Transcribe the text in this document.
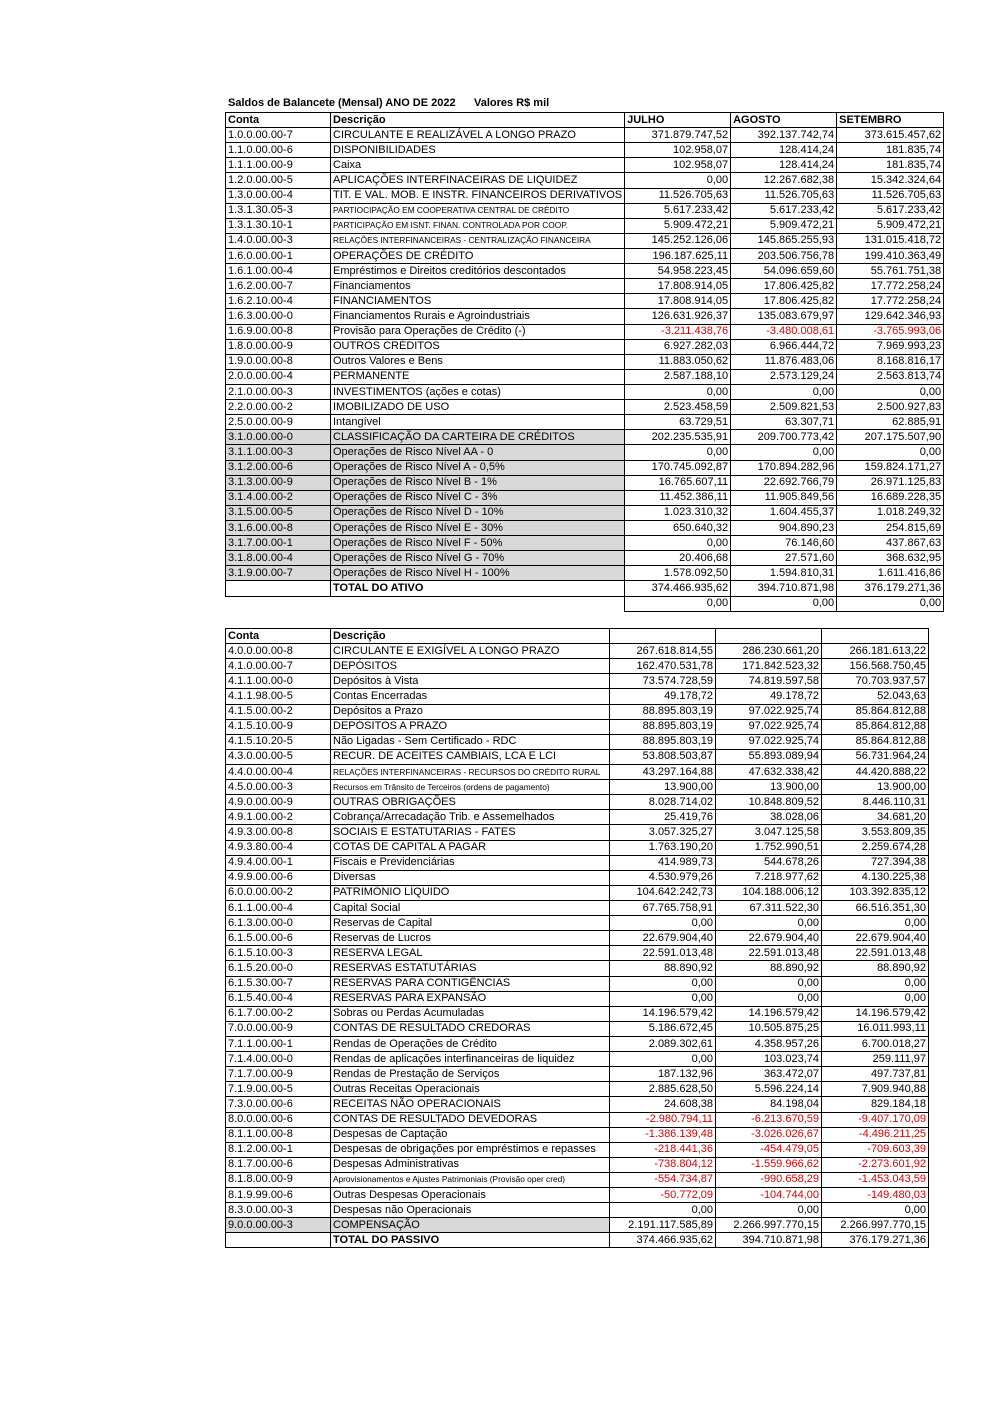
Saldos de Balancete (Mensal) ANO DE 2022 Valores R$ mil
Conta	Descrição	JULHO	AGOSTO	SETEMBRO
1.0.0.00.00-7	CIRCULANTE E REALIZÁVEL A LONGO PRAZO	371.879.747,52	392.137.742,74	373.615.457,62
1.1.0.00.00-6	DISPONIBILIDADES	102.958,07	128.414,24	181.835,74
1.1.1.00.00-9	Caixa	102.958,07	128.414,24	181.835,74
1.2.0.00.00-5	APLICAÇÕES INTERFINACEIRAS DE LIQUIDEZ	0,00	12.267.682,38	15.342.324,64
1.3.0.00.00-4	TIT. E VAL. MOB. E INSTR. FINANCEIROS DERIVATIVOS	11.526.705,63	11.526.705,63	11.526.705,63
1.3.1.30.05-3	PARTIOCIPAÇÃO EM COOPERATIVA CENTRAL DE CRÉDITO	5.617.233,42	5.617.233,42	5.617.233,42
1.3.1.30.10-1	PARTICIPAÇÃO EM ISNT. FINAN. CONTROLADA POR COOP.	5.909.472,21	5.909.472,21	5.909.472,21
1.4.0.00.00-3	RELAÇÕES INTERFINANCEIRAS - CENTRALIZAÇÃO FINANCEIRA	145.252.126,06	145.865.255,93	131.015.418,72
1.6.0.00.00-1	OPERAÇÕES DE CRÉDITO	196.187.625,11	203.506.756,78	199.410.363,49
1.6.1.00.00-4	Empréstimos e Direitos creditórios descontados	54.958.223,45	54.096.659,60	55.761.751,38
1.6.2.00.00-7	Financiamentos	17.808.914,05	17.806.425,82	17.772.258,24
1.6.2.10.00-4	FINANCIAMENTOS	17.808.914,05	17.806.425,82	17.772.258,24
1.6.3.00.00-0	Financiamentos Rurais e Agroindustriais	126.631.926,37	135.083.679,97	129.642.346,93
1.6.9.00.00-8	Provisão para Operações de Crédito (-)	-3.211.438,76	-3.480.008,61	-3.765.993,06
1.8.0.00.00-9	OUTROS CRÉDITOS	6.927.282,03	6.966.444,72	7.969.993,23
1.9.0.00.00-8	Outros Valores e Bens	11.883.050,62	11.876.483,06	8.168.816,17
2.0.0.00.00-4	PERMANENTE	2.587.188,10	2.573.129,24	2.563.813,74
2.1.0.00.00-3	INVESTIMENTOS (ações e cotas)	0,00	0,00	0,00
2.2.0.00.00-2	IMOBILIZADO DE USO	2.523.458,59	2.509.821,53	2.500.927,83
2.5.0.00.00-9	Intangível	63.729,51	63.307,71	62.885,91
3.1.0.00.00-0	CLASSIFICAÇÃO DA CARTEIRA DE CRÉDITOS	202.235.535,91	209.700.773,42	207.175.507,90
3.1.1.00.00-3	Operações de Risco Nível AA - 0	0,00	0,00	0,00
3.1.2.00.00-6	Operações de Risco Nível A - 0,5%	170.745.092,87	170.894.282,96	159.824.171,27
3.1.3.00.00-9	Operações de Risco Nível B - 1%	16.765.607,11	22.692.766,79	26.971.125,83
3.1.4.00.00-2	Operações de Risco Nível C - 3%	11.452.386,11	11.905.849,56	16.689.228,35
3.1.5.00.00-5	Operações de Risco Nível D - 10%	1.023.310,32	1.604.455,37	1.018.249,32
3.1.6.00.00-8	Operações de Risco Nível E - 30%	650.640,32	904.890,23	254.815,69
3.1.7.00.00-1	Operações de Risco Nível F - 50%	0,00	76.146,60	437.867,63
3.1.8.00.00-4	Operações de Risco Nível G - 70%	20.406,68	27.571,60	368.632,95
3.1.9.00.00-7	Operações de Risco Nível H - 100%	1.578.092,50	1.594.810,31	1.611.416,86
	TOTAL DO ATIVO	374.466.935,62	394.710.871,98	376.179.271,36
		0,00	0,00	0,00
Conta	Descrição			
4.0.0.00.00-8	CIRCULANTE E EXIGÍVEL A LONGO PRAZO	267.618.814,55	286.230.661,20	266.181.613,22
4.1.0.00.00-7	DEPÓSITOS	162.470.531,78	171.842.523,32	156.568.750,45
4.1.1.00.00-0	Depósitos à Vista	73.574.728,59	74.819.597,58	70.703.937,57
4.1.1.98.00-5	Contas Encerradas	49.178,72	49.178,72	52.043,63
4.1.5.00.00-2	Depósitos a Prazo	88.895.803,19	97.022.925,74	85.864.812,88
4.1.5.10.00-9	DEPÓSITOS A PRAZO	88.895.803,19	97.022.925,74	85.864.812,88
4.1.5.10.20-5	Não Ligadas - Sem Certificado - RDC	88.895.803,19	97.022.925,74	85.864.812,88
4.3.0.00.00-5	RECUR. DE ACEITES CAMBIAIS, LCA E LCI	53.808.503,87	55.893.089,94	56.731.964,24
4.4.0.00.00-4	RELAÇÕES INTERFINANCEIRAS - RECURSOS DO CRÉDITO RURAL	43.297.164,88	47.632.338,42	44.420.888,22
4.5.0.00.00-3	Recursos em Trânsito de Terceiros (ordens de pagamento)	13.900,00	13.900,00	13.900,00
4.9.0.00.00-9	OUTRAS OBRIGAÇÕES	8.028.714,02	10.848.809,52	8.446.110,31
4.9.1.00.00-2	Cobrança/Arrecadação Trib. e Assemelhados	25.419,76	38.028,06	34.681,20
4.9.3.00.00-8	SOCIAIS E ESTATUTARIAS - FATES	3.057.325,27	3.047.125,58	3.553.809,35
4.9.3.80.00-4	COTAS DE CAPITAL A PAGAR	1.763.190,20	1.752.990,51	2.259.674,28
4.9.4.00.00-1	Fiscais e Previdenciárias	414.989,73	544.678,26	727.394,38
4.9.9.00.00-6	Diversas	4.530.979,26	7.218.977,62	4.130.225,38
6.0.0.00.00-2	PATRIMÔNIO LÍQUIDO	104.642.242,73	104.188.006,12	103.392.835,12
6.1.1.00.00-4	Capital Social	67.765.758,91	67.311.522,30	66.516.351,30
6.1.3.00.00-0	Reservas de Capital	0,00	0,00	0,00
6.1.5.00.00-6	Reservas de Lucros	22.679.904,40	22.679.904,40	22.679.904,40
6.1.5.10.00-3	RESERVA LEGAL	22.591.013,48	22.591.013,48	22.591.013,48
6.1.5.20.00-0	RESERVAS ESTATUTÁRIAS	88.890,92	88.890,92	88.890,92
6.1.5.30.00-7	RESERVAS PARA CONTIGÊNCIAS	0,00	0,00	0,00
6.1.5.40.00-4	RESERVAS PARA EXPANSÃO	0,00	0,00	0,00
6.1.7.00.00-2	Sobras ou Perdas Acumuladas	14.196.579,42	14.196.579,42	14.196.579,42
7.0.0.00.00-9	CONTAS DE RESULTADO CREDORAS	5.186.672,45	10.505.875,25	16.011.993,11
7.1.1.00.00-1	Rendas de Operações de Crédito	2.089.302,61	4.358.957,26	6.700.018,27
7.1.4.00.00-0	Rendas de aplicações interfinanceiras de liquidez	0,00	103.023,74	259.111,97
7.1.7.00.00-9	Rendas de Prestação de Serviços	187.132,96	363.472,07	497.737,81
7.1.9.00.00-5	Outras Receitas Operacionais	2.885.628,50	5.596.224,14	7.909.940,88
7.3.0.00.00-6	RECEITAS NÃO OPERACIONAIS	24.608,38	84.198,04	829.184,18
8.0.0.00.00-6	CONTAS DE RESULTADO DEVEDORAS	-2.980.794,11	-6.213.670,59	-9.407.170,09
8.1.1.00.00-8	Despesas de Captação	-1.386.139,48	-3.026.026,67	-4.496.211,25
8.1.2.00.00-1	Despesas de obrigações por empréstimos e repasses	-218.441,36	-454.479,05	-709.603,39
8.1.7.00.00-6	Despesas Administrativas	-738.804,12	-1.559.966,62	-2.273.601,92
8.1.8.00.00-9	Aprovisionamentos e Ajustes Patrimoniais (Provisão oper cred)	-554.734,87	-990.658,29	-1.453.043,59
8.1.9.99.00-6	Outras Despesas Operacionais	-50.772,09	-104.744,00	-149.480,03
8.3.0.00.00-3	Despesas não Operacionais	0,00	0,00	0,00
9.0.0.00.00-3	COMPENSAÇÃO	2.191.117.585,89	2.266.997.770,15	2.266.997.770,15
	TOTAL DO PASSIVO	374.466.935,62	394.710.871,98	376.179.271,36
